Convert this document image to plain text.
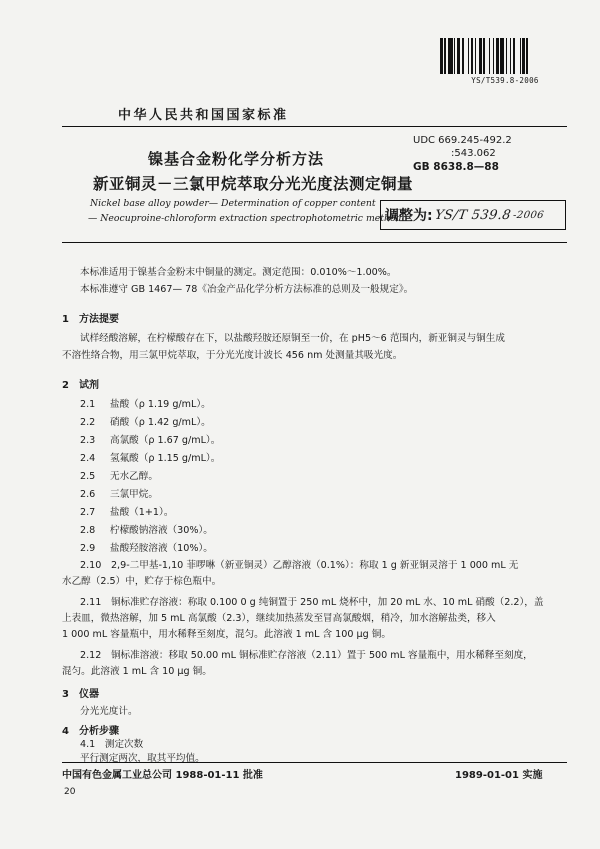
YS/T539.8-2006
中华人民共和国国家标准
UDC 669.245-492.2
:543.062
GB 8638.8—88
镍基合金粉化学分析方法
新亚铜灵－三氯甲烷萃取分光光度法测定铜量
Nickel base alloy powder— Determination of copper content
— Neocuproine-chloroform extraction spectrophotometric method
调整为: YS/T 539.8 -2006
本标准适用于镍基合金粉末中铜量的测定。测定范围：0.010%～1.00%。
本标准遵守 GB 1467— 78《冶金产品化学分析方法标准的总则及一般规定》。
1　方法提要
试样经酸溶解，在柠檬酸存在下，以盐酸羟胺还原铜至一价，在 pH5～6 范围内，新亚铜灵与铜生成
不溶性络合物，用三氯甲烷萃取，于分光光度计波长 456 nm 处测量其吸光度。
2　试剂
2.1 盐酸（ρ 1.19 g/mL）。
2.2 硝酸（ρ 1.42 g/mL）。
2.3 高氯酸（ρ 1.67 g/mL）。
2.4 氢氟酸（ρ 1.15 g/mL）。
2.5 无水乙醇。
2.6 三氯甲烷。
2.7 盐酸（1+1）。
2.8 柠檬酸钠溶液（30%）。
2.9 盐酸羟胺溶液（10%）。
2.10　2,9-二甲基-1,10 菲啰啉（新亚铜灵）乙醇溶液（0.1%）：称取 1 g 新亚铜灵溶于 1 000 mL 无
水乙醇（2.5）中，贮存于棕色瓶中。
2.11　铜标准贮存溶液：称取 0.100 0 g 纯铜置于 250 mL 烧杯中，加 20 mL 水、10 mL 硝酸（2.2），盖
上表皿，微热溶解，加 5 mL 高氯酸（2.3），继续加热蒸发至冒高氯酸烟，稍冷，加水溶解盐类，移入
1 000 mL 容量瓶中，用水稀释至刻度，混匀。此溶液 1 mL 含 100 μg 铜。
2.12　铜标准溶液：移取 50.00 mL 铜标准贮存溶液（2.11）置于 500 mL 容量瓶中，用水稀释至刻度，
混匀。此溶液 1 mL 含 10 μg 铜。
3　仪器
分光光度计。
4　分析步骤
4.1　测定次数
平行测定两次，取其平均值。
中国有色金属工业总公司 1988-01-11 批准	1989-01-01 实施
20
